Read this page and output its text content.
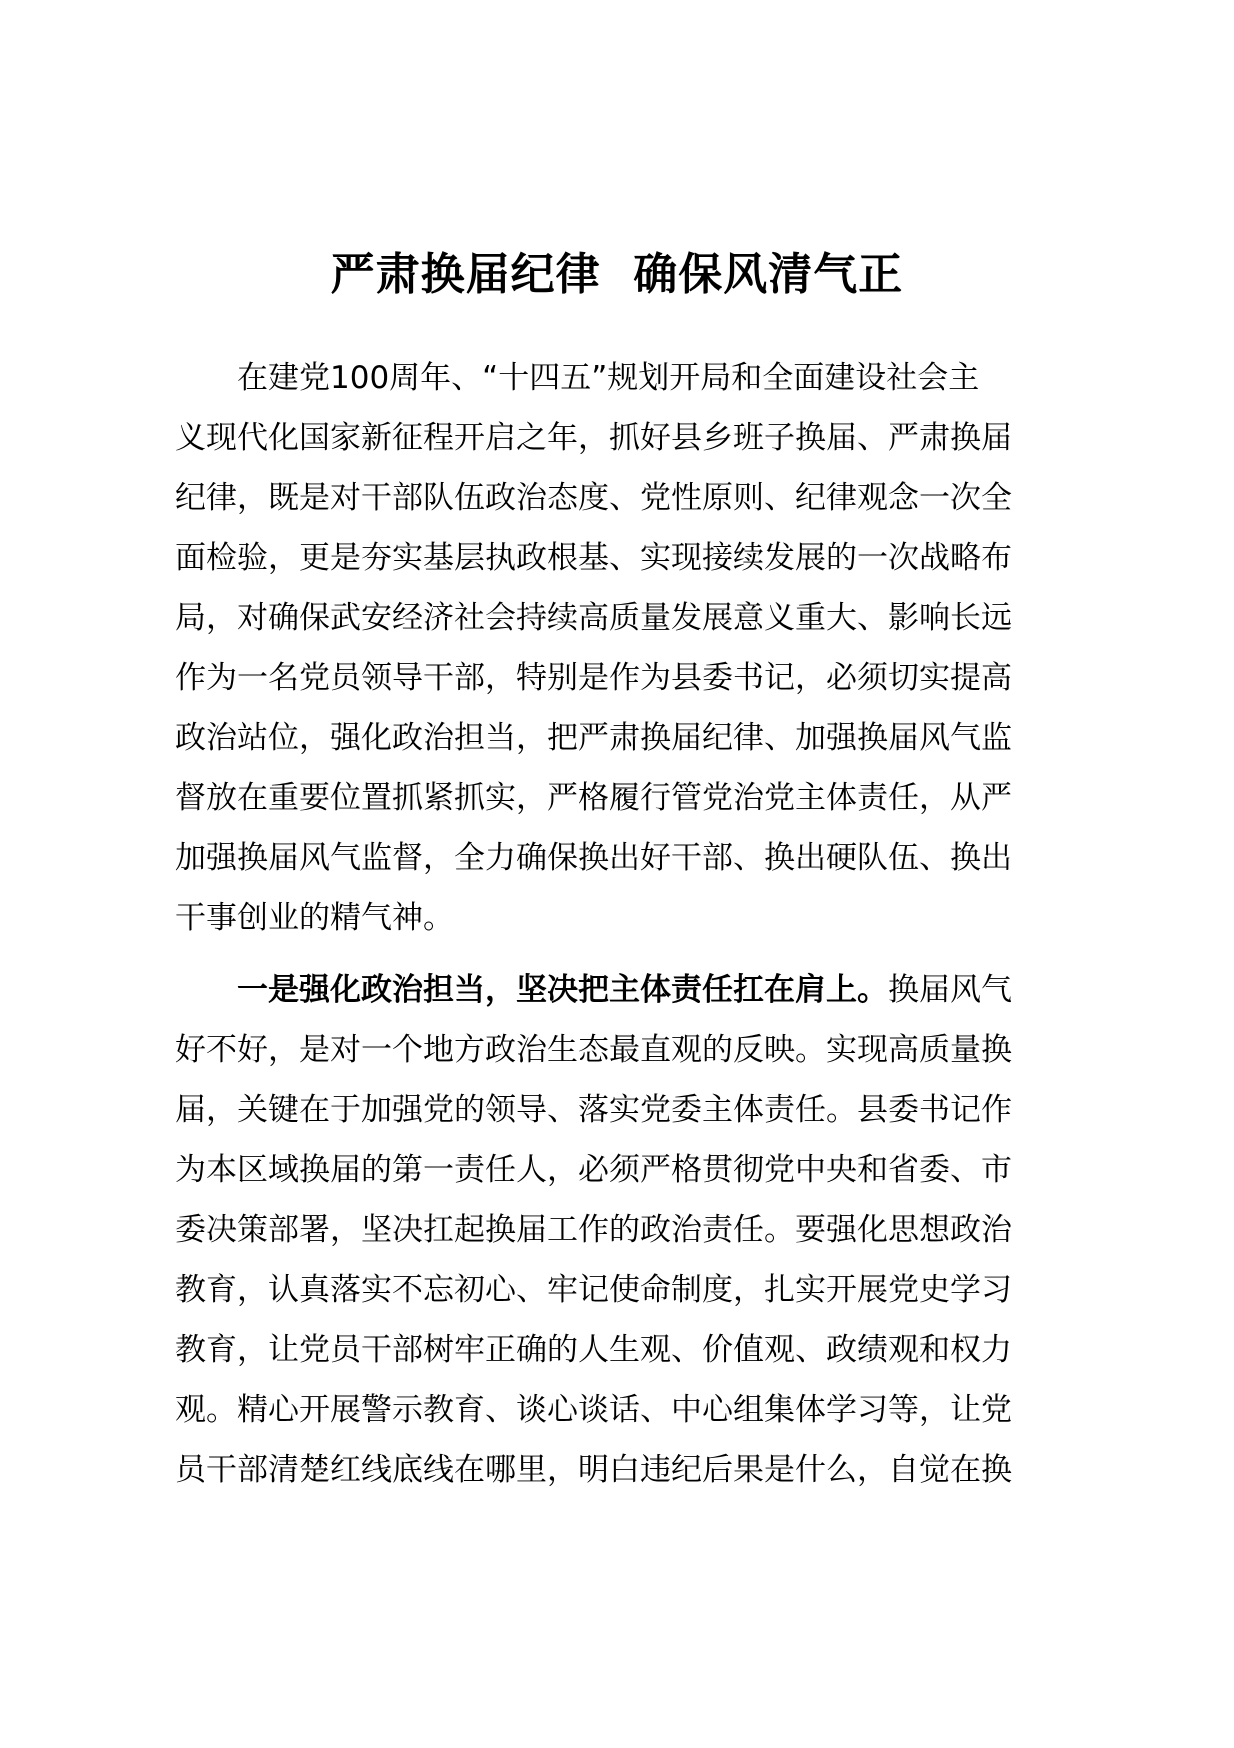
严肃换届纪律  确保风清气正
　　在建党100周年、“十四五”规划开局和全面建设社会主
义现代化国家新征程开启之年，抓好县乡班子换届、严肃换届
纪律，既是对干部队伍政治态度、党性原则、纪律观念一次全
面检验，更是夯实基层执政根基、实现接续发展的一次战略布
局，对确保武安经济社会持续高质量发展意义重大、影响长远
作为一名党员领导干部，特别是作为县委书记，必须切实提高
政治站位，强化政治担当，把严肃换届纪律、加强换届风气监
督放在重要位置抓紧抓实，严格履行管党治党主体责任，从严
加强换届风气监督，全力确保换出好干部、换出硬队伍、换出
干事创业的精气神。
　　一是强化政治担当，坚决把主体责任扛在肩上。换届风气
好不好，是对一个地方政治生态最直观的反映。实现高质量换
届，关键在于加强党的领导、落实党委主体责任。县委书记作
为本区域换届的第一责任人，必须严格贯彻党中央和省委、市
委决策部署，坚决扛起换届工作的政治责任。要强化思想政治
教育，认真落实不忘初心、牢记使命制度，扎实开展党史学习
教育，让党员干部树牢正确的人生观、价值观、政绩观和权力
观。精心开展警示教育、谈心谈话、中心组集体学习等，让党
员干部清楚红线底线在哪里，明白违纪后果是什么，自觉在换
